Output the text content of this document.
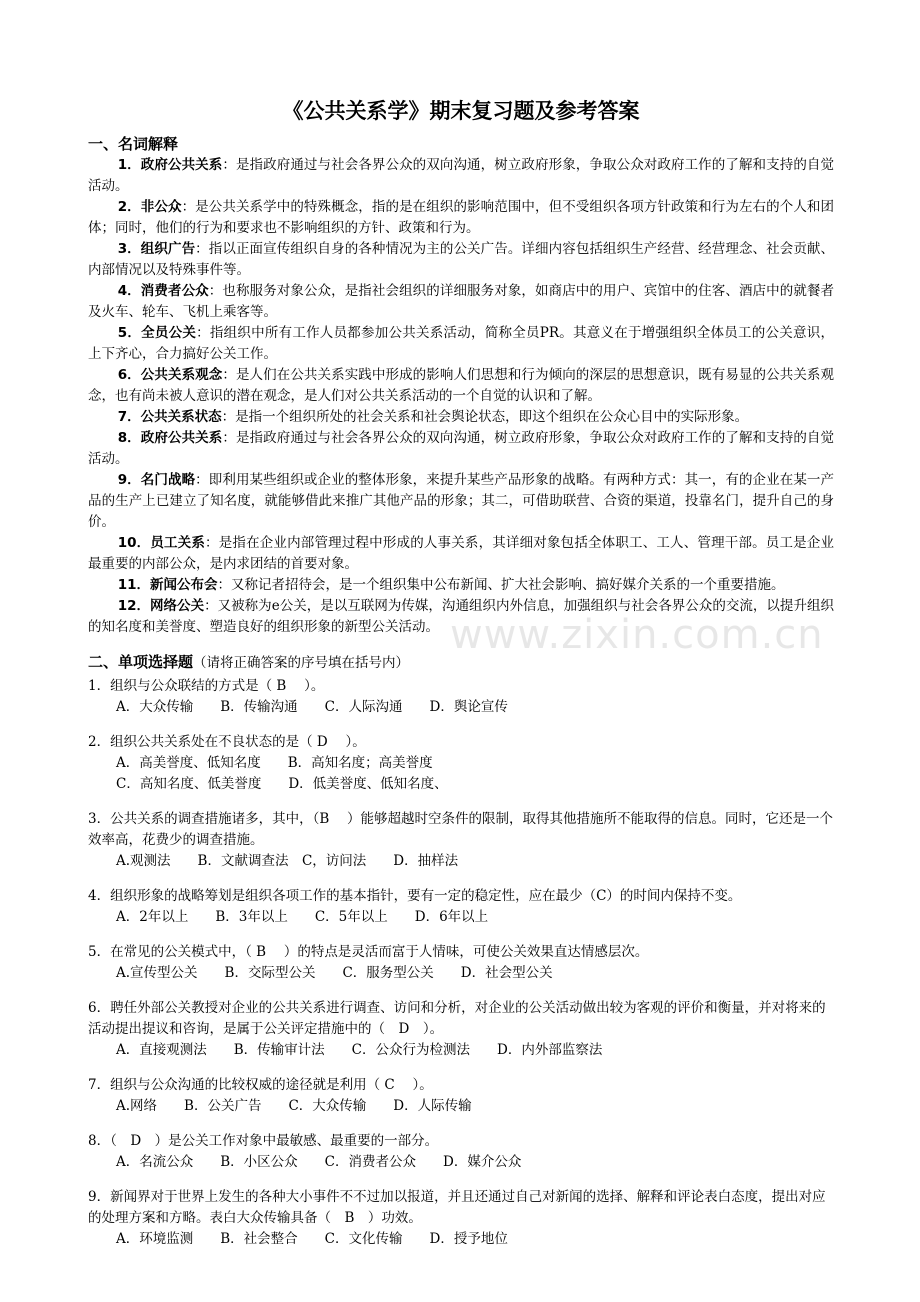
《公共关系学》期末复习题及参考答案
一、名词解释
1．政府公共关系：是指政府通过与社会各界公众的双向沟通，树立政府形象，争取公众对政府工作的了解和支持的自觉活动。
2．非公众：是公共关系学中的特殊概念，指的是在组织的影响范围中，但不受组织各项方针政策和行为左右的个人和团体；同时，他们的行为和要求也不影响组织的方针、政策和行为。
3．组织广告：指以正面宣传组织自身的各种情况为主的公关广告。详细内容包括组织生产经营、经营理念、社会贡献、内部情况以及特殊事件等。
4．消费者公众：也称服务对象公众，是指社会组织的详细服务对象，如商店中的用户、宾馆中的住客、酒店中的就餐者及火车、轮车、飞机上乘客等。
5．全员公关：指组织中所有工作人员都参加公共关系活动，简称全员PR。其意义在于增强组织全体员工的公关意识，上下齐心，合力搞好公关工作。
6．公共关系观念：是人们在公共关系实践中形成的影响人们思想和行为倾向的深层的思想意识，既有易显的公共关系观念，也有尚未被人意识的潜在观念，是人们对公共关系活动的一个自觉的认识和了解。
7．公共关系状态：是指一个组织所处的社会关系和社会舆论状态，即这个组织在公众心目中的实际形象。
8．政府公共关系：是指政府通过与社会各界公众的双向沟通，树立政府形象，争取公众对政府工作的了解和支持的自觉活动。
9．名门战略：即利用某些组织或企业的整体形象，来提升某些产品形象的战略。有两种方式：其一，有的企业在某一产品的生产上已建立了知名度，就能够借此来推广其他产品的形象；其二，可借助联营、合资的渠道，投靠名门，提升自己的身价。
10．员工关系：是指在企业内部管理过程中形成的人事关系，其详细对象包括全体职工、工人、管理干部。员工是企业最重要的内部公众，是内求团结的首要对象。
11．新闻公布会：又称记者招待会，是一个组织集中公布新闻、扩大社会影响、搞好媒介关系的一个重要措施。
12．网络公关：又被称为e公关，是以互联网为传媒，沟通组织内外信息，加强组织与社会各界公众的交流，以提升组织的知名度和美誉度、塑造良好的组织形象的新型公关活动。
二、单项选择题（请将正确答案的序号填在括号内）
1．组织与公众联结的方式是（ B　 ）。
A．大众传输　　B．传输沟通　　C．人际沟通　　D．舆论宣传
2．组织公共关系处在不良状态的是（ D　 ）。
A．高美誉度、低知名度　　B．高知名度；高美誉度
C．高知名度、低美誉度　　D．低美誉度、低知名度、
3．公共关系的调查措施诸多，其中，（B　 ）能够超越时空条件的限制，取得其他措施所不能取得的信息。同时，它还是一个效率高，花费少的调查措施。
A.观测法　　B．文献调查法　C，访问法　　D．抽样法
4．组织形象的战略筹划是组织各项工作的基本指针，要有一定的稳定性，应在最少（C）的时间内保持不变。
A．2年以上　　B．3年以上　　C．5年以上　　D．6年以上
5．在常见的公关模式中，（ B　 ）的特点是灵活而富于人情味，可使公关效果直达情感层次。
A.宣传型公关　　B．交际型公关　　C．服务型公关　　D．社会型公关
6．聘任外部公关教授对企业的公共关系进行调查、访问和分析，对企业的公关活动做出较为客观的评价和衡量，并对将来的活动提出提议和咨询，是属于公关评定措施中的（　D　）。
A．直接观测法　　B．传输审计法　　C．公众行为检测法　　D．内外部监察法
7．组织与公众沟通的比较权威的途径就是利用（ C　 ）。
A.网络　　B．公关广告　　C．大众传输　　D．人际传输
8．（　D　）是公关工作对象中最敏感、最重要的一部分。
A．名流公众　　B．小区公众　　C．消费者公众　　D．媒介公众
9．新闻界对于世界上发生的各种大小事件不不过加以报道，并且还通过自己对新闻的选择、解释和评论表白态度，提出对应的处理方案和方略。表白大众传输具备（　B　）功效。
A．环境监测　　B．社会整合　　C．文化传输　　D．授予地位
www.zixin.com.cn
